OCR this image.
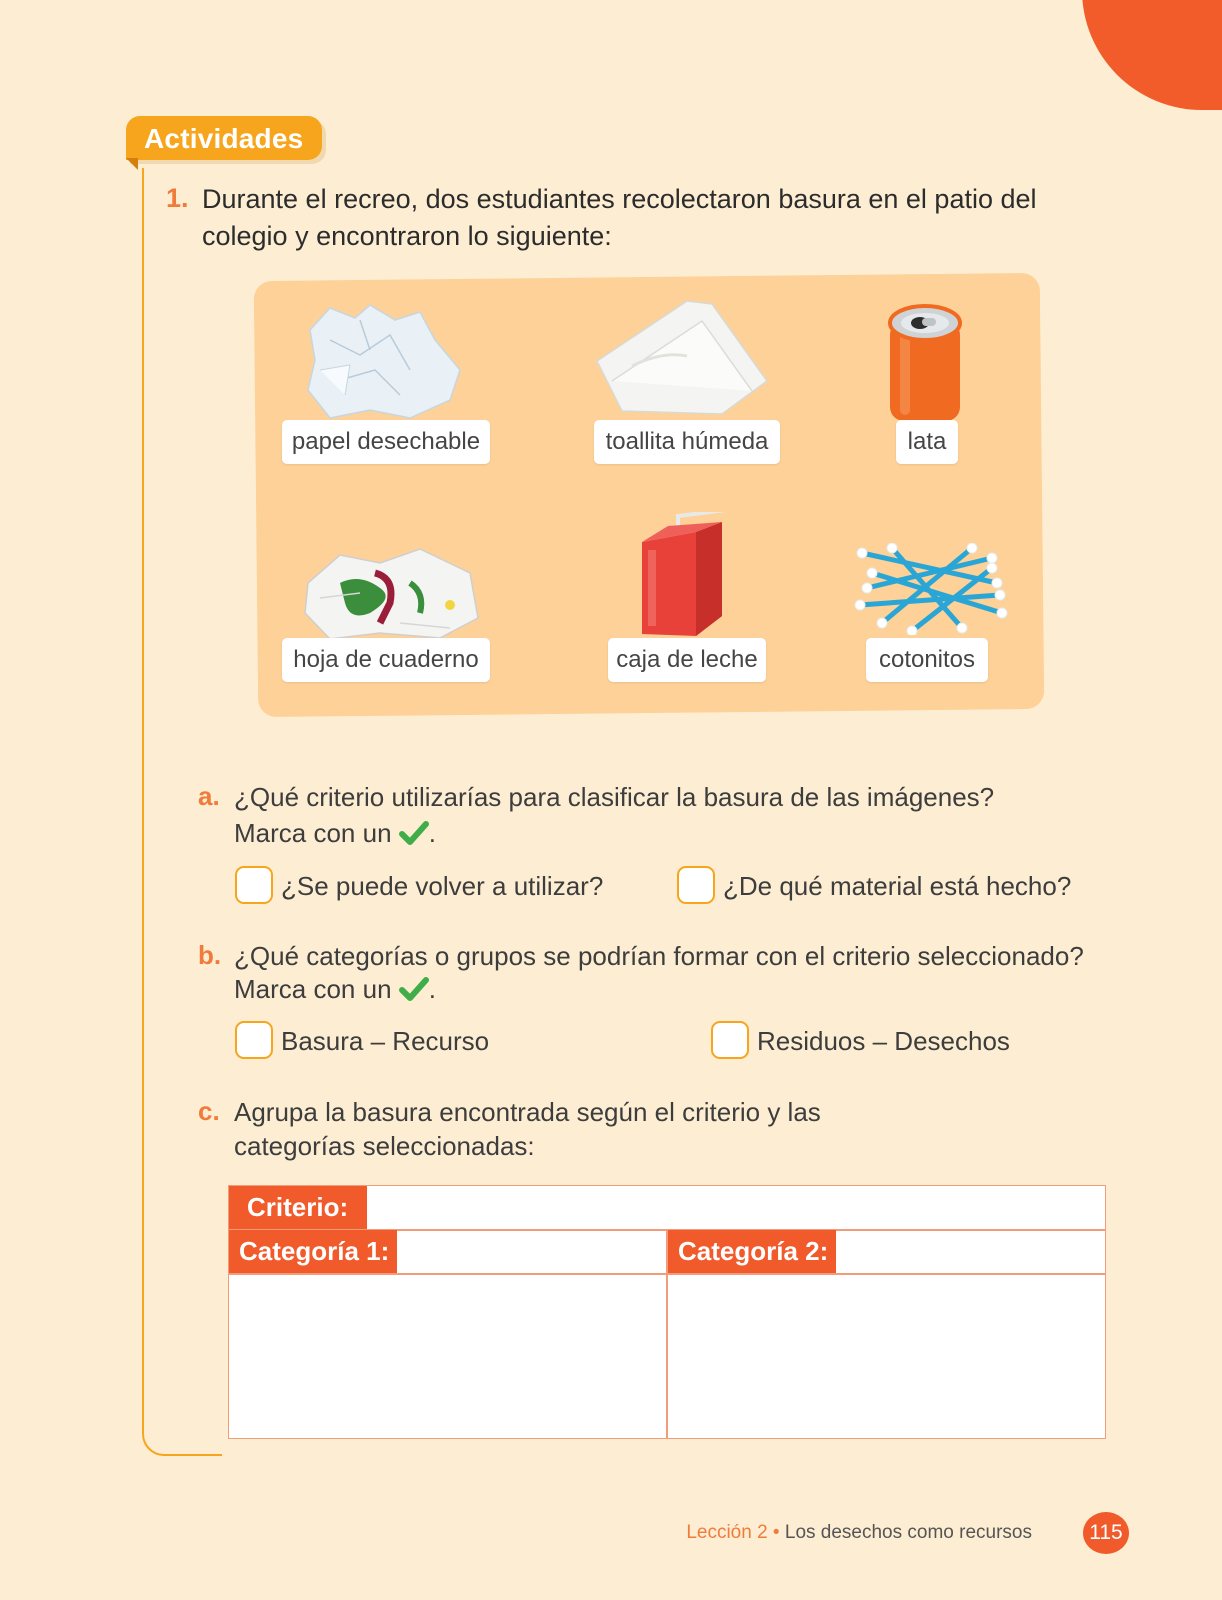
Actividades
1. Durante el recreo, dos estudiantes recolectaron basura en el patio del colegio y encontraron lo siguiente:
papel desechable	toallita húmeda	lata
hoja de cuaderno	caja de leche	cotonitos
a. ¿Qué criterio utilizarías para clasificar la basura de las imágenes?
Marca con un .
¿Se puede volver a utilizar?	¿De qué material está hecho?
b. ¿Qué categorías o grupos se podrían formar con el criterio seleccionado?
Marca con un .
Basura – Recurso	Residuos – Desechos
c. Agrupa la basura encontrada según el criterio y las
categorías seleccionadas:
Criterio:
Categoría 1:	Categoría 2:
Lección 2 • Los desechos como recursos	115
